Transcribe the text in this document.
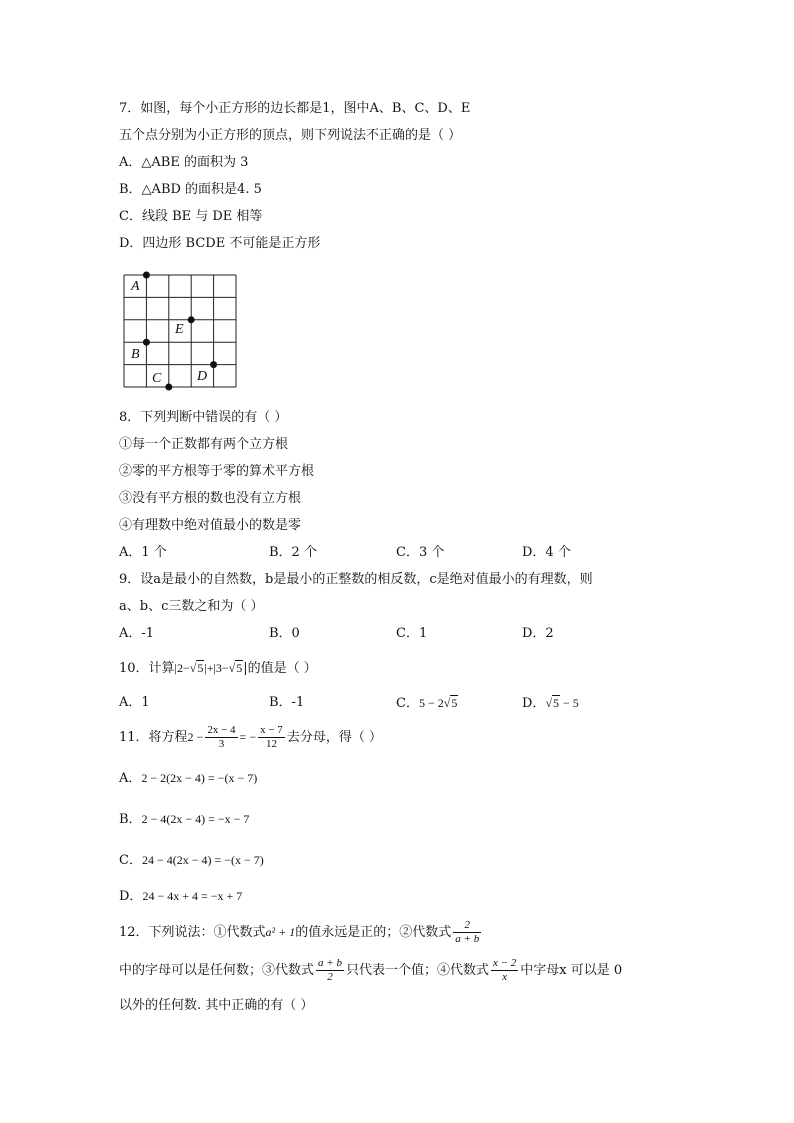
7．如图，每个小正方形的边长都是1，图中A、B、C、D、E
五个点分别为小正方形的顶点，则下列说法不正确的是（ ）
A．△ABE 的面积为 3
B．△ABD 的面积是4. 5
C．线段 BE 与 DE 相等
D．四边形 BCDE 不可能是正方形
A
E
B
C	D
8．下列判断中错误的有（ ）
①每一个正数都有两个立方根
②零的平方根等于零的算术平方根
③没有平方根的数也没有立方根
④有理数中绝对值最小的数是零
A．1 个	B．2 个	C．3 个	D．4 个
9．设a是最小的自然数，b是最小的正整数的相反数，c是绝对值最小的有理数，则
a、b、c三数之和为（ ）
A．-1	B．0	C．1	D．2
10．计算|2−√5|+|3−√5|的值是（ ）
A．1	B．-1	C．5 − 2√5	D．√5 − 5
11．将方程$2 - \frac{2x - 4}{3}$ = − $\frac{x - 7}{12}$ 去分母，得（ ）
A．2 − 2(2x − 4) = −(x − 7)
B．2 − 4(2x − 4) = −x − 7
C．24 − 4(2x − 4) = −(x − 7)
D．24 − 4x + 4 = −x + 7
12．下列说法：①代数式a² + 1的值永远是正的；②代数式 $\frac{2}{a + b}$
中的字母可以是任何数；③代数式 $\frac{a + b}{2}$ 只代表一个值；④代数式 $\frac{x - 2}{x}$ 中字母x 可以是 0
以外的任何数. 其中正确的有（ ）
